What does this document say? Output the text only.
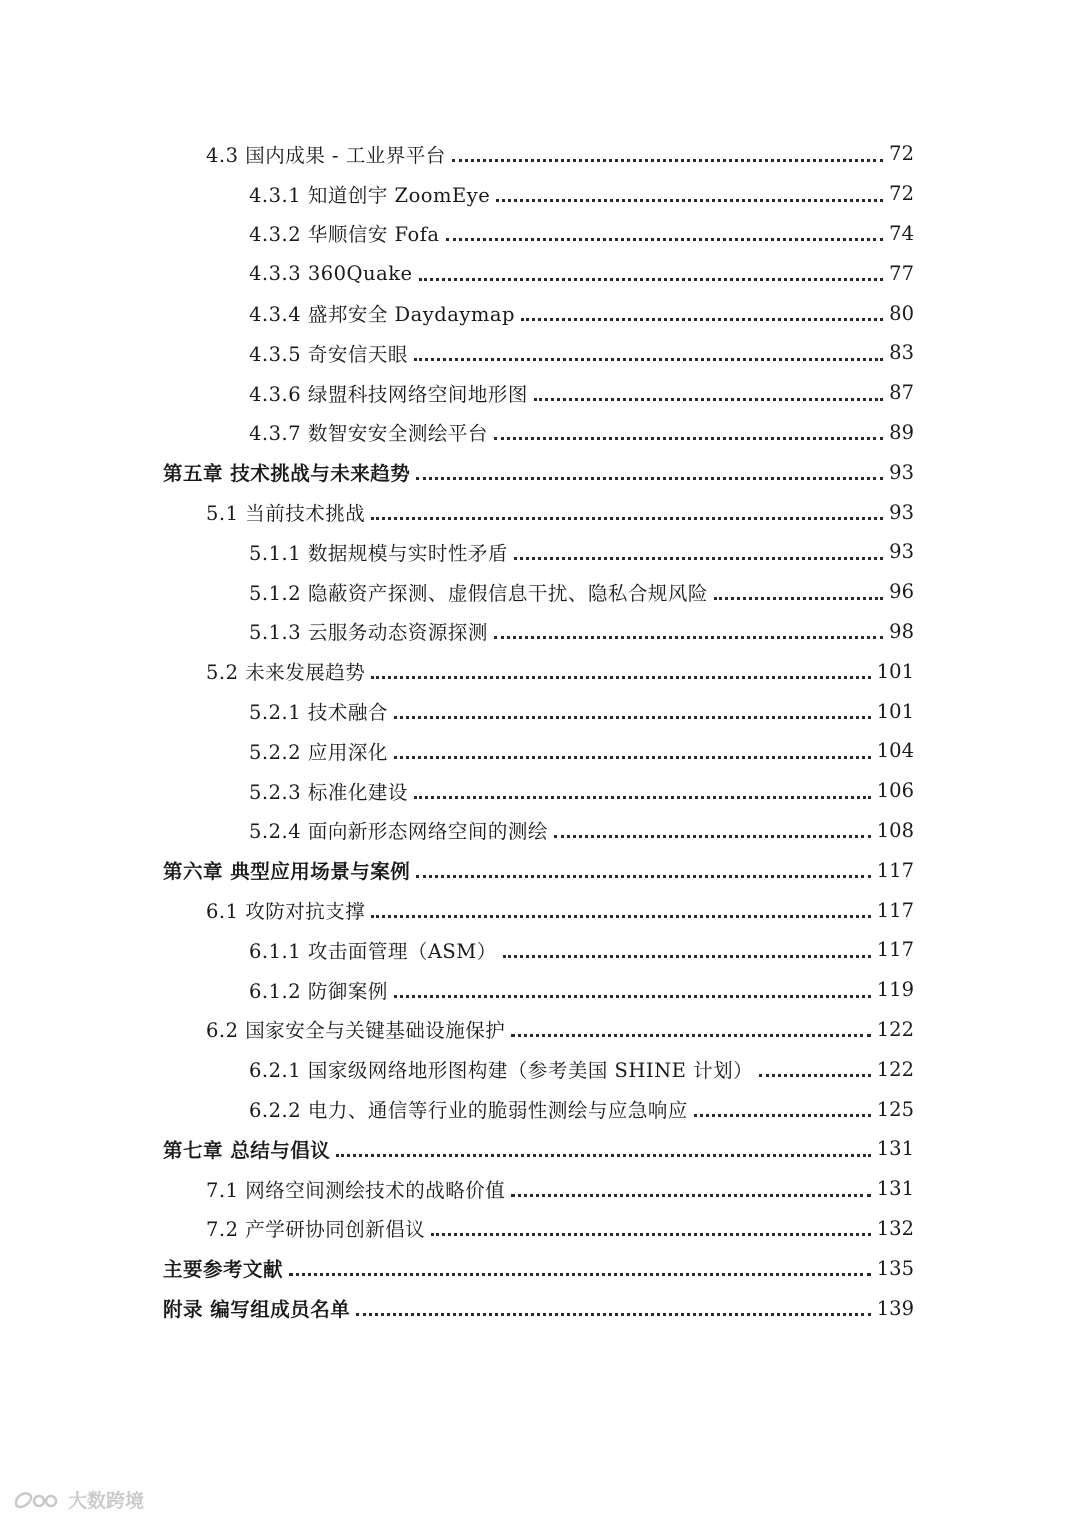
4.3 国内成果 - 工业界平台	72
4.3.1 知道创宇 ZoomEye	72
4.3.2 华顺信安 Fofa	74
4.3.3 360Quake	77
4.3.4 盛邦安全 Daydaymap	80
4.3.5 奇安信天眼	83
4.3.6 绿盟科技网络空间地形图	87
4.3.7 数智安安全测绘平台	89
第五章 技术挑战与未来趋势	93
5.1 当前技术挑战	93
5.1.1 数据规模与实时性矛盾	93
5.1.2 隐蔽资产探测、虚假信息干扰、隐私合规风险	96
5.1.3 云服务动态资源探测	98
5.2 未来发展趋势	101
5.2.1 技术融合	101
5.2.2 应用深化	104
5.2.3 标准化建设	106
5.2.4 面向新形态网络空间的测绘	108
第六章 典型应用场景与案例	117
6.1 攻防对抗支撑	117
6.1.1 攻击面管理（ASM）	117
6.1.2 防御案例	119
6.2 国家安全与关键基础设施保护	122
6.2.1 国家级网络地形图构建（参考美国 SHINE 计划）	122
6.2.2 电力、通信等行业的脆弱性测绘与应急响应	125
第七章 总结与倡议	131
7.1 网络空间测绘技术的战略价值	131
7.2 产学研协同创新倡议	132
主要参考文献	135
附录 编写组成员名单	139
大数跨境
